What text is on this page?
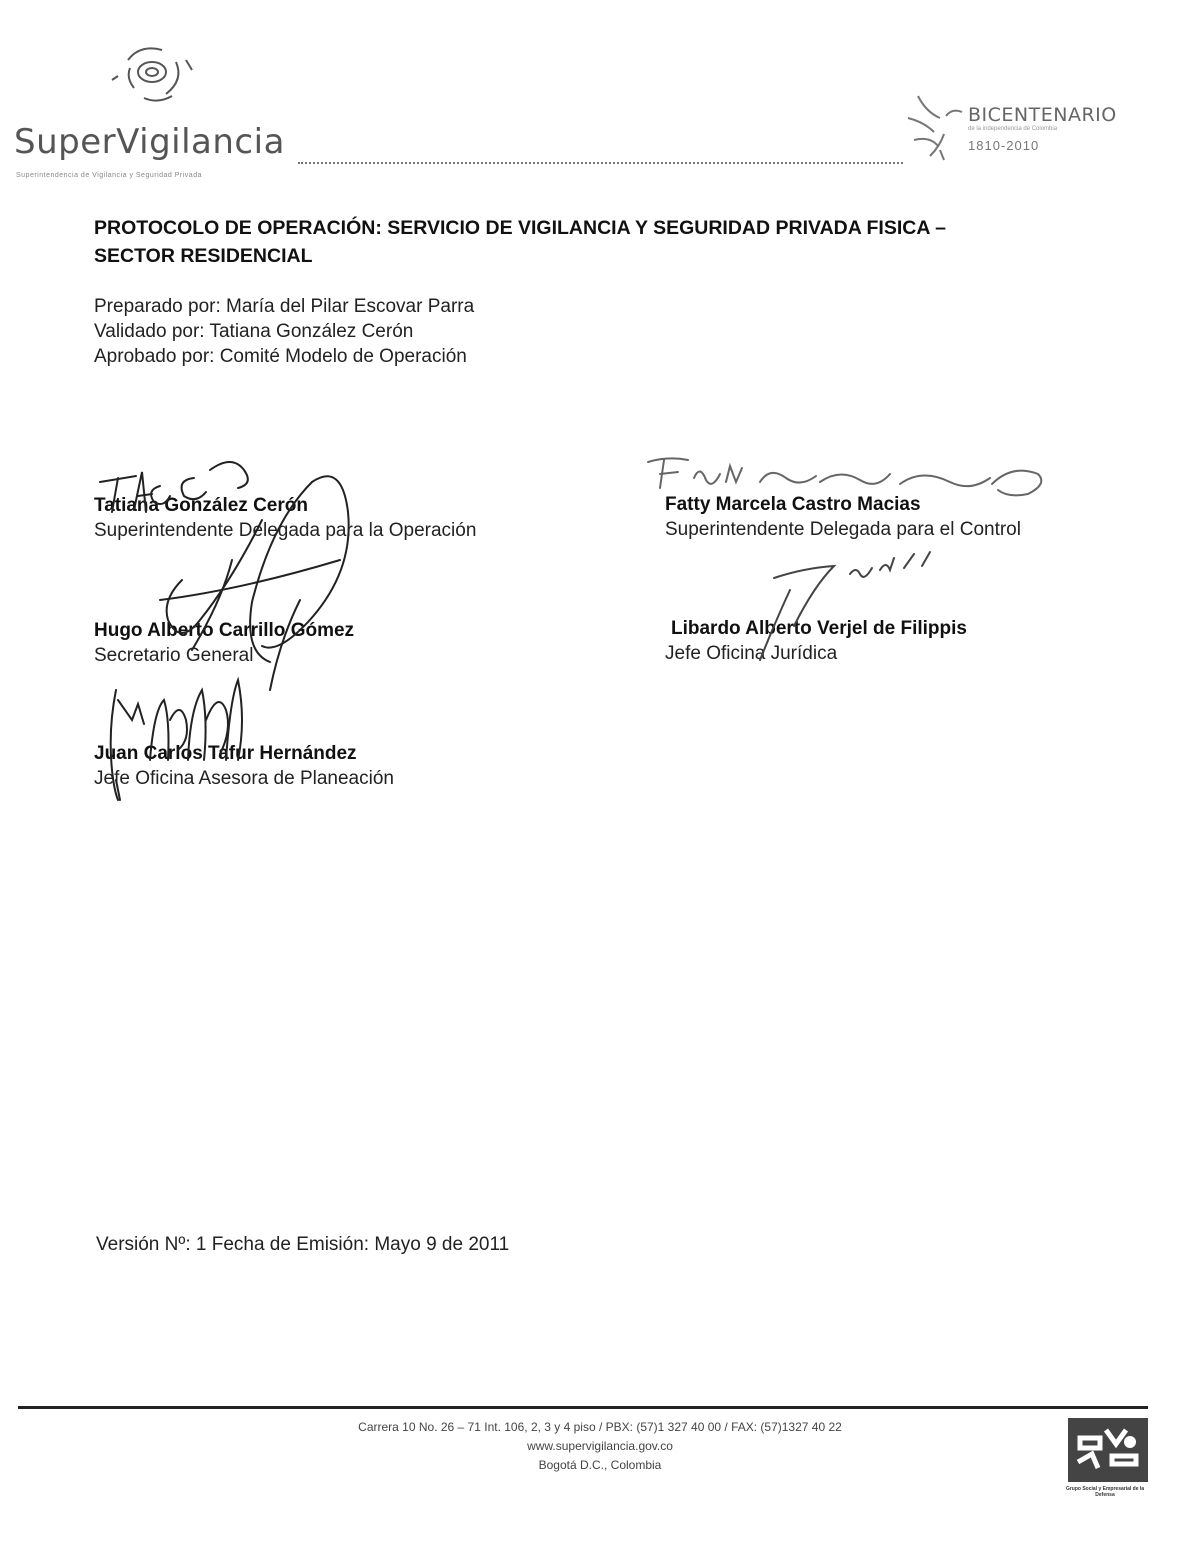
SuperVigilancia
Superintendencia de Vigilancia y Seguridad Privada
BICENTENARIO
de la independencia de Colombia
1810-2010
PROTOCOLO DE OPERACIÓN: SERVICIO DE VIGILANCIA Y SEGURIDAD PRIVADA FISICA –
SECTOR RESIDENCIAL
Preparado por: María del Pilar Escovar Parra
Validado por: Tatiana González Cerón
Aprobado por: Comité Modelo de Operación
Tatiana González Cerón
Superintendente Delegada para la Operación
Hugo Alberto Carrillo Gómez
Secretario General
Juan Carlos Tafur Hernández
Jefe Oficina Asesora de Planeación
Fatty Marcela Castro Macias
Superintendente Delegada para el Control
Libardo Alberto Verjel de Filippis
Jefe Oficina Jurídica
Versión Nº: 1 Fecha de Emisión: Mayo 9 de 2011
Carrera 10 No. 26 – 71 Int. 106, 2, 3 y 4 piso / PBX: (57)1 327 40 00 / FAX: (57)1327 40 22
www.supervigilancia.gov.co
Bogotá D.C., Colombia
Grupo Social y Empresarial de la Defensa
